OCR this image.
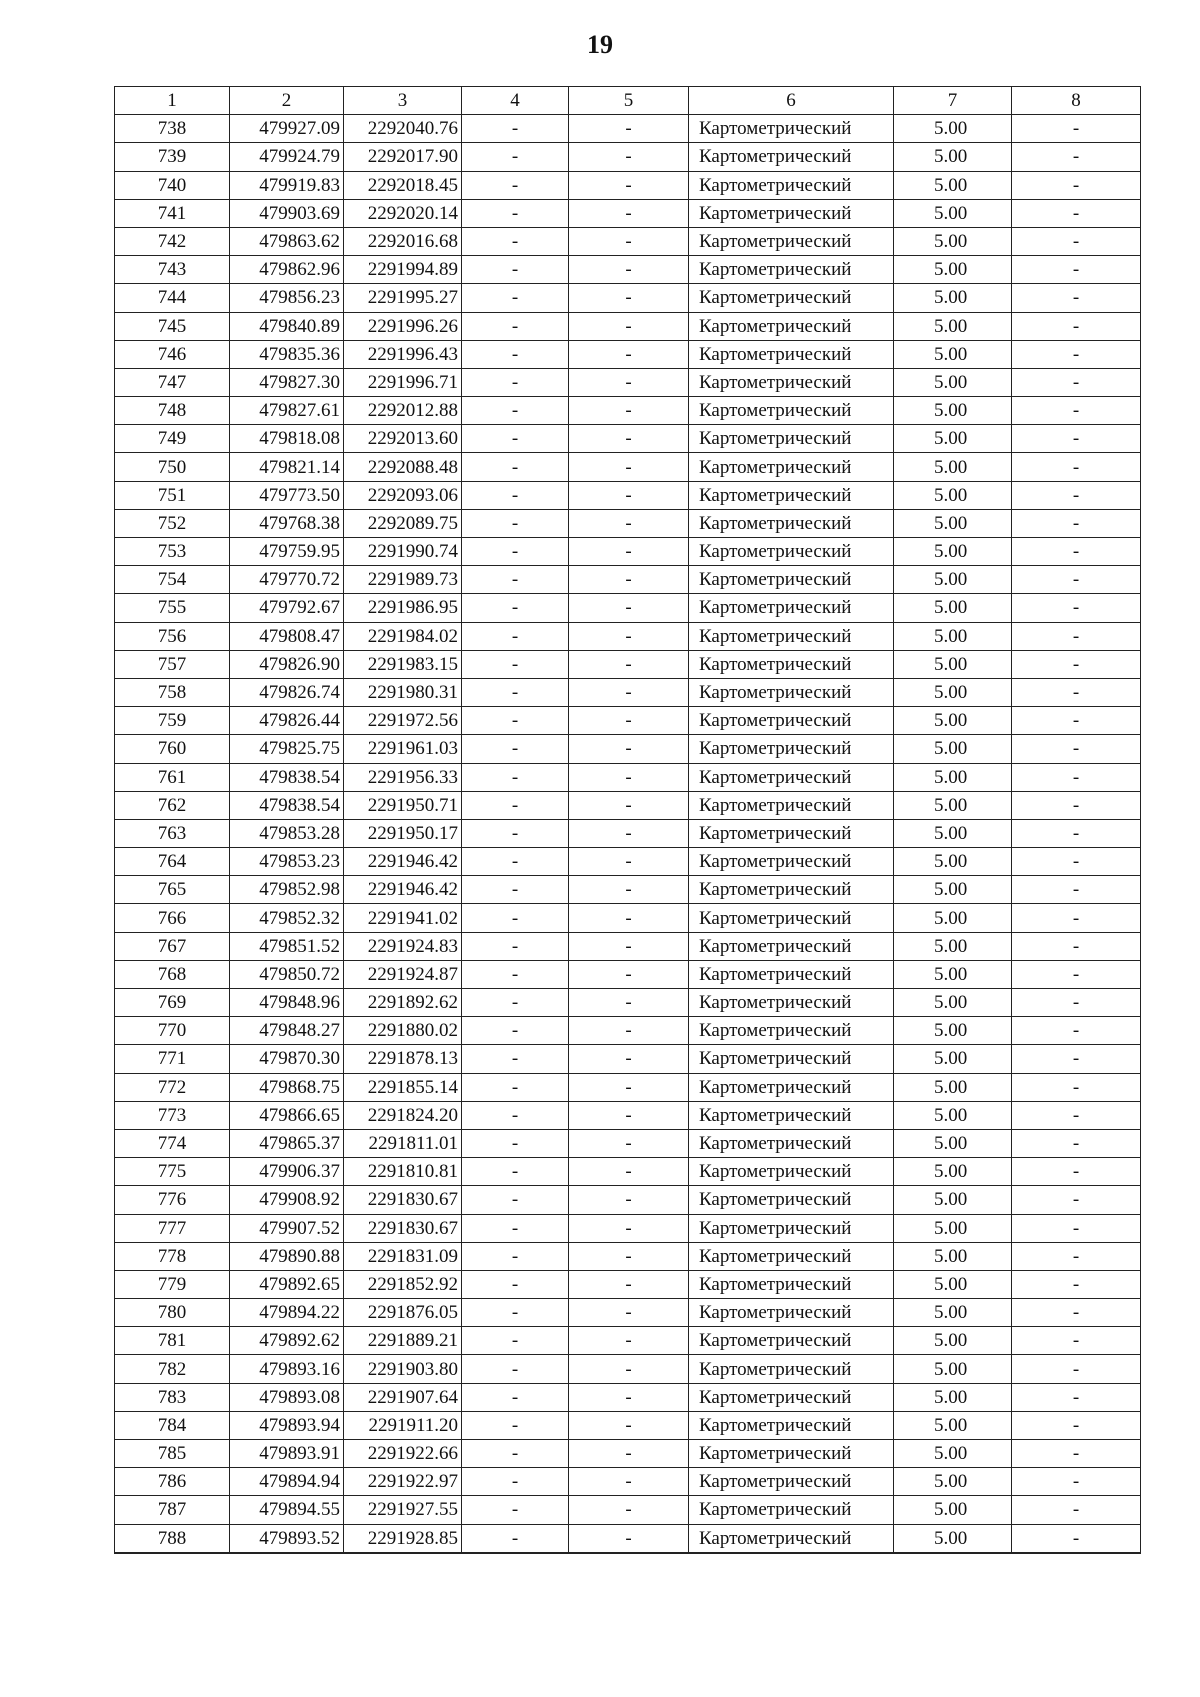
19
1	2	3	4	5	6	7	8
738	479927.09	2292040.76	-	-	Картометрический	5.00	-
739	479924.79	2292017.90	-	-	Картометрический	5.00	-
740	479919.83	2292018.45	-	-	Картометрический	5.00	-
741	479903.69	2292020.14	-	-	Картометрический	5.00	-
742	479863.62	2292016.68	-	-	Картометрический	5.00	-
743	479862.96	2291994.89	-	-	Картометрический	5.00	-
744	479856.23	2291995.27	-	-	Картометрический	5.00	-
745	479840.89	2291996.26	-	-	Картометрический	5.00	-
746	479835.36	2291996.43	-	-	Картометрический	5.00	-
747	479827.30	2291996.71	-	-	Картометрический	5.00	-
748	479827.61	2292012.88	-	-	Картометрический	5.00	-
749	479818.08	2292013.60	-	-	Картометрический	5.00	-
750	479821.14	2292088.48	-	-	Картометрический	5.00	-
751	479773.50	2292093.06	-	-	Картометрический	5.00	-
752	479768.38	2292089.75	-	-	Картометрический	5.00	-
753	479759.95	2291990.74	-	-	Картометрический	5.00	-
754	479770.72	2291989.73	-	-	Картометрический	5.00	-
755	479792.67	2291986.95	-	-	Картометрический	5.00	-
756	479808.47	2291984.02	-	-	Картометрический	5.00	-
757	479826.90	2291983.15	-	-	Картометрический	5.00	-
758	479826.74	2291980.31	-	-	Картометрический	5.00	-
759	479826.44	2291972.56	-	-	Картометрический	5.00	-
760	479825.75	2291961.03	-	-	Картометрический	5.00	-
761	479838.54	2291956.33	-	-	Картометрический	5.00	-
762	479838.54	2291950.71	-	-	Картометрический	5.00	-
763	479853.28	2291950.17	-	-	Картометрический	5.00	-
764	479853.23	2291946.42	-	-	Картометрический	5.00	-
765	479852.98	2291946.42	-	-	Картометрический	5.00	-
766	479852.32	2291941.02	-	-	Картометрический	5.00	-
767	479851.52	2291924.83	-	-	Картометрический	5.00	-
768	479850.72	2291924.87	-	-	Картометрический	5.00	-
769	479848.96	2291892.62	-	-	Картометрический	5.00	-
770	479848.27	2291880.02	-	-	Картометрический	5.00	-
771	479870.30	2291878.13	-	-	Картометрический	5.00	-
772	479868.75	2291855.14	-	-	Картометрический	5.00	-
773	479866.65	2291824.20	-	-	Картометрический	5.00	-
774	479865.37	2291811.01	-	-	Картометрический	5.00	-
775	479906.37	2291810.81	-	-	Картометрический	5.00	-
776	479908.92	2291830.67	-	-	Картометрический	5.00	-
777	479907.52	2291830.67	-	-	Картометрический	5.00	-
778	479890.88	2291831.09	-	-	Картометрический	5.00	-
779	479892.65	2291852.92	-	-	Картометрический	5.00	-
780	479894.22	2291876.05	-	-	Картометрический	5.00	-
781	479892.62	2291889.21	-	-	Картометрический	5.00	-
782	479893.16	2291903.80	-	-	Картометрический	5.00	-
783	479893.08	2291907.64	-	-	Картометрический	5.00	-
784	479893.94	2291911.20	-	-	Картометрический	5.00	-
785	479893.91	2291922.66	-	-	Картометрический	5.00	-
786	479894.94	2291922.97	-	-	Картометрический	5.00	-
787	479894.55	2291927.55	-	-	Картометрический	5.00	-
788	479893.52	2291928.85	-	-	Картометрический	5.00	-
